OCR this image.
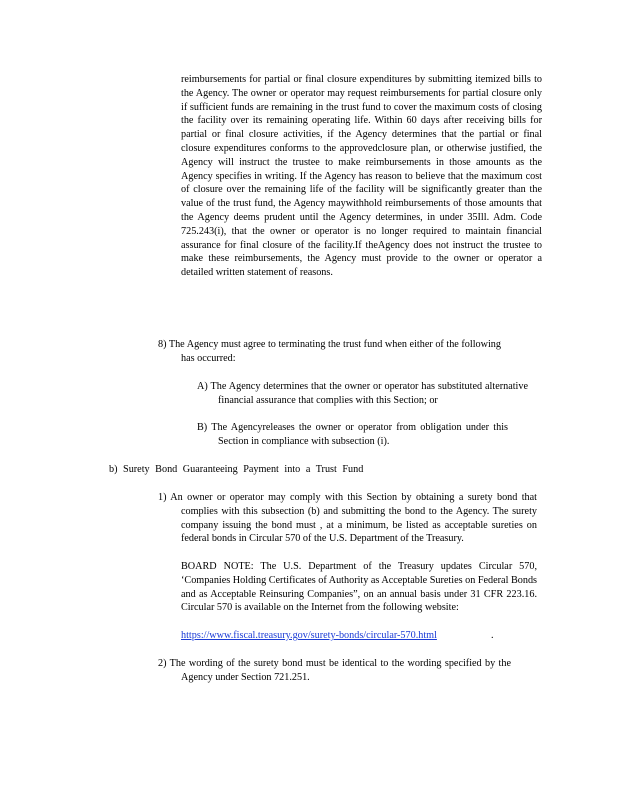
reimbursements for partial or final closure expenditures by submitting itemized bills to the Agency. The owner or operator may request reimbursements for partial closure only if sufficient funds are remaining in the trust fund to cover the maximum costs of closing the facility over its remaining operating life. Within 60 days after receiving bills for partial or final closure activities, if the Agency determines that the partial or final closure expenditures conforms to the approvedclosure plan, or otherwise justified, the Agency will instruct the trustee to make reimbursements in those amounts as the Agency specifies in writing. If the Agency has reason to believe that the maximum cost of closure over the remaining life of the facility will be significantly greater than the value of the trust fund, the Agency maywithhold reimbursements of those amounts that the Agency deems prudent until the Agency determines, in under 35Ill. Adm. Code 725.243(i), that the owner or operator is no longer required to maintain financial assurance for final closure of the facility.If theAgency does not instruct the trustee to make these reimbursements, the Agency must provide to the owner or operator a detailed written statement of reasons.

8) The Agency must agree to terminating the trust fund when either of the following has occurred:

A) The Agency determines that the owner or operator has substituted alternative financial assurance that complies with this Section; or

B) The Agencyreleases the owner or operator from obligation under this Section in compliance with subsection (i).

b) Surety Bond Guaranteeing Payment into a Trust Fund

1) An owner or operator may comply with this Section by obtaining a surety bond that complies with this subsection (b) and submitting the bond to the Agency. The surety company issuing the bond must , at a minimum, be listed as acceptable sureties on federal bonds in Circular 570 of the U.S. Department of the Treasury.

BOARD NOTE: The U.S. Department of the Treasury updates Circular 570, ‘Companies Holding Certificates of Authority as Acceptable Sureties on Federal Bonds and as Acceptable Reinsuring Companies”, on an annual basis under 31 CFR 223.16. Circular 570 is available on the Internet from the following website:

https://www.fiscal.treasury.gov/surety-bonds/circular-570.html	.

2) The wording of the surety bond must be identical to the wording specified by the Agency under Section 721.251.
